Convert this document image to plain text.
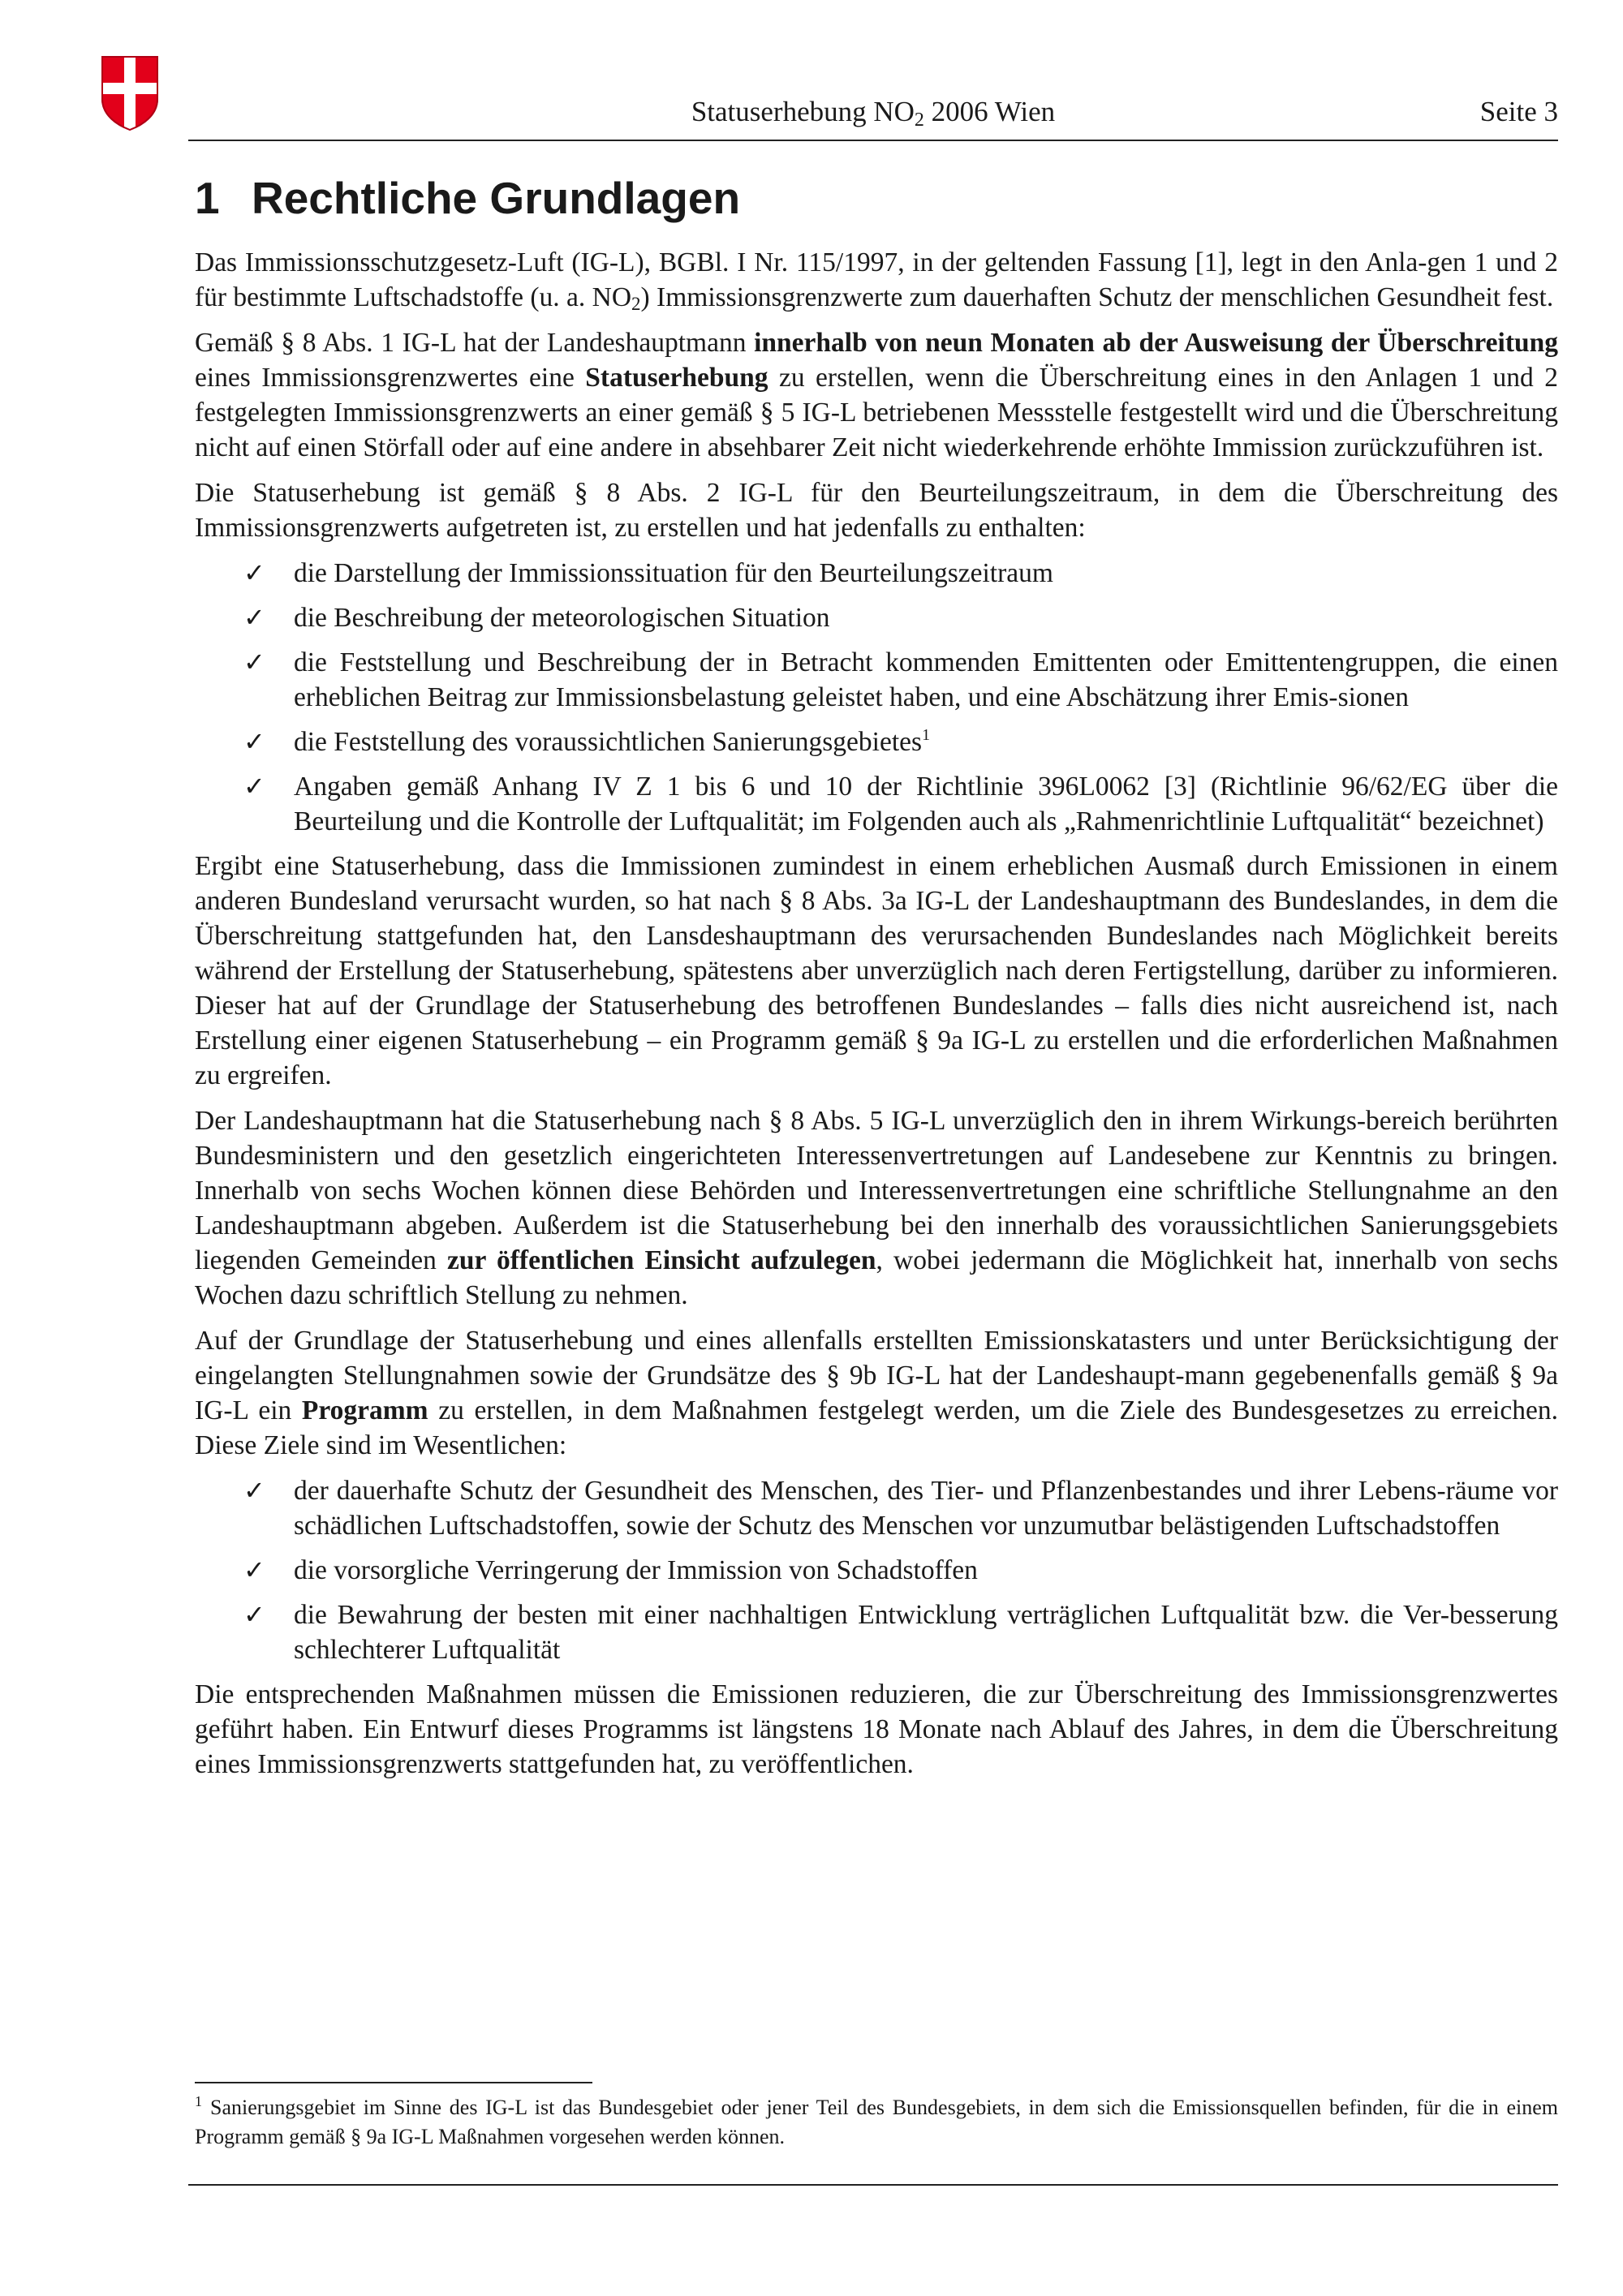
Statuserhebung $NO_2$ 2006 Wien	Seite 3
1 Rechtliche Grundlagen

Das Immissionsschutzgesetz-Luft (IG-L), BGBl. I Nr. 115/1997, in der geltenden Fassung [1], legt in den Anla-gen 1 und 2 für bestimmte Luftschadstoffe (u. a. $NO_2$) Immissionsgrenzwerte zum dauerhaften Schutz der menschlichen Gesundheit fest.

Gemäß § 8 Abs. 1 IG-L hat der Landeshauptmann innerhalb von neun Monaten ab der Ausweisung der Überschreitung eines Immissionsgrenzwertes eine Statuserhebung zu erstellen, wenn die Überschreitung eines in den Anlagen 1 und 2 festgelegten Immissionsgrenzwerts an einer gemäß § 5 IG-L betriebenen Messstelle festgestellt wird und die Überschreitung nicht auf einen Störfall oder auf eine andere in absehbarer Zeit nicht wiederkehrende erhöhte Immission zurückzuführen ist.

Die Statuserhebung ist gemäß § 8 Abs. 2 IG-L für den Beurteilungszeitraum, in dem die Überschreitung des Immissionsgrenzwerts aufgetreten ist, zu erstellen und hat jedenfalls zu enthalten:

✓ die Darstellung der Immissionssituation für den Beurteilungszeitraum
✓ die Beschreibung der meteorologischen Situation
✓ die Feststellung und Beschreibung der in Betracht kommenden Emittenten oder Emittentengruppen, die einen erheblichen Beitrag zur Immissionsbelastung geleistet haben, und eine Abschätzung ihrer Emis-sionen
✓ die Feststellung des voraussichtlichen Sanierungsgebietes$^1$
✓ Angaben gemäß Anhang IV Z 1 bis 6 und 10 der Richtlinie 396L0062 [3] (Richtlinie 96/62/EG über die Beurteilung und die Kontrolle der Luftqualität; im Folgenden auch als „Rahmenrichtlinie Luftqualität“ bezeichnet)

Ergibt eine Statuserhebung, dass die Immissionen zumindest in einem erheblichen Ausmaß durch Emissionen in einem anderen Bundesland verursacht wurden, so hat nach § 8 Abs. 3a IG-L der Landeshauptmann des Bundeslandes, in dem die Überschreitung stattgefunden hat, den Lansdeshauptmann des verursachenden Bundeslandes nach Möglichkeit bereits während der Erstellung der Statuserhebung, spätestens aber unverzüglich nach deren Fertigstellung, darüber zu informieren. Dieser hat auf der Grundlage der Statuserhebung des betroffenen Bundeslandes – falls dies nicht ausreichend ist, nach Erstellung einer eigenen Statuserhebung – ein Programm gemäß § 9a IG-L zu erstellen und die erforderlichen Maßnahmen zu ergreifen.

Der Landeshauptmann hat die Statuserhebung nach § 8 Abs. 5 IG-L unverzüglich den in ihrem Wirkungs-bereich berührten Bundesministern und den gesetzlich eingerichteten Interessenvertretungen auf Landesebene zur Kenntnis zu bringen. Innerhalb von sechs Wochen können diese Behörden und Interessenvertretungen eine schriftliche Stellungnahme an den Landeshauptmann abgeben. Außerdem ist die Statuserhebung bei den innerhalb des voraussichtlichen Sanierungsgebiets liegenden Gemeinden zur öffentlichen Einsicht aufzulegen, wobei jedermann die Möglichkeit hat, innerhalb von sechs Wochen dazu schriftlich Stellung zu nehmen.

Auf der Grundlage der Statuserhebung und eines allenfalls erstellten Emissionskatasters und unter Berücksichtigung der eingelangten Stellungnahmen sowie der Grundsätze des § 9b IG-L hat der Landeshaupt-mann gegebenenfalls gemäß § 9a IG-L ein Programm zu erstellen, in dem Maßnahmen festgelegt werden, um die Ziele des Bundesgesetzes zu erreichen. Diese Ziele sind im Wesentlichen:

✓ der dauerhafte Schutz der Gesundheit des Menschen, des Tier- und Pflanzenbestandes und ihrer Lebens-räume vor schädlichen Luftschadstoffen, sowie der Schutz des Menschen vor unzumutbar belästigenden Luftschadstoffen
✓ die vorsorgliche Verringerung der Immission von Schadstoffen
✓ die Bewahrung der besten mit einer nachhaltigen Entwicklung verträglichen Luftqualität bzw. die Ver-besserung schlechterer Luftqualität

Die entsprechenden Maßnahmen müssen die Emissionen reduzieren, die zur Überschreitung des Immissionsgrenzwertes geführt haben. Ein Entwurf dieses Programms ist längstens 18 Monate nach Ablauf des Jahres, in dem die Überschreitung eines Immissionsgrenzwerts stattgefunden hat, zu veröffentlichen.

$^1$ Sanierungsgebiet im Sinne des IG-L ist das Bundesgebiet oder jener Teil des Bundesgebiets, in dem sich die Emissionsquellen befinden, für die in einem Programm gemäß § 9a IG-L Maßnahmen vorgesehen werden können.
